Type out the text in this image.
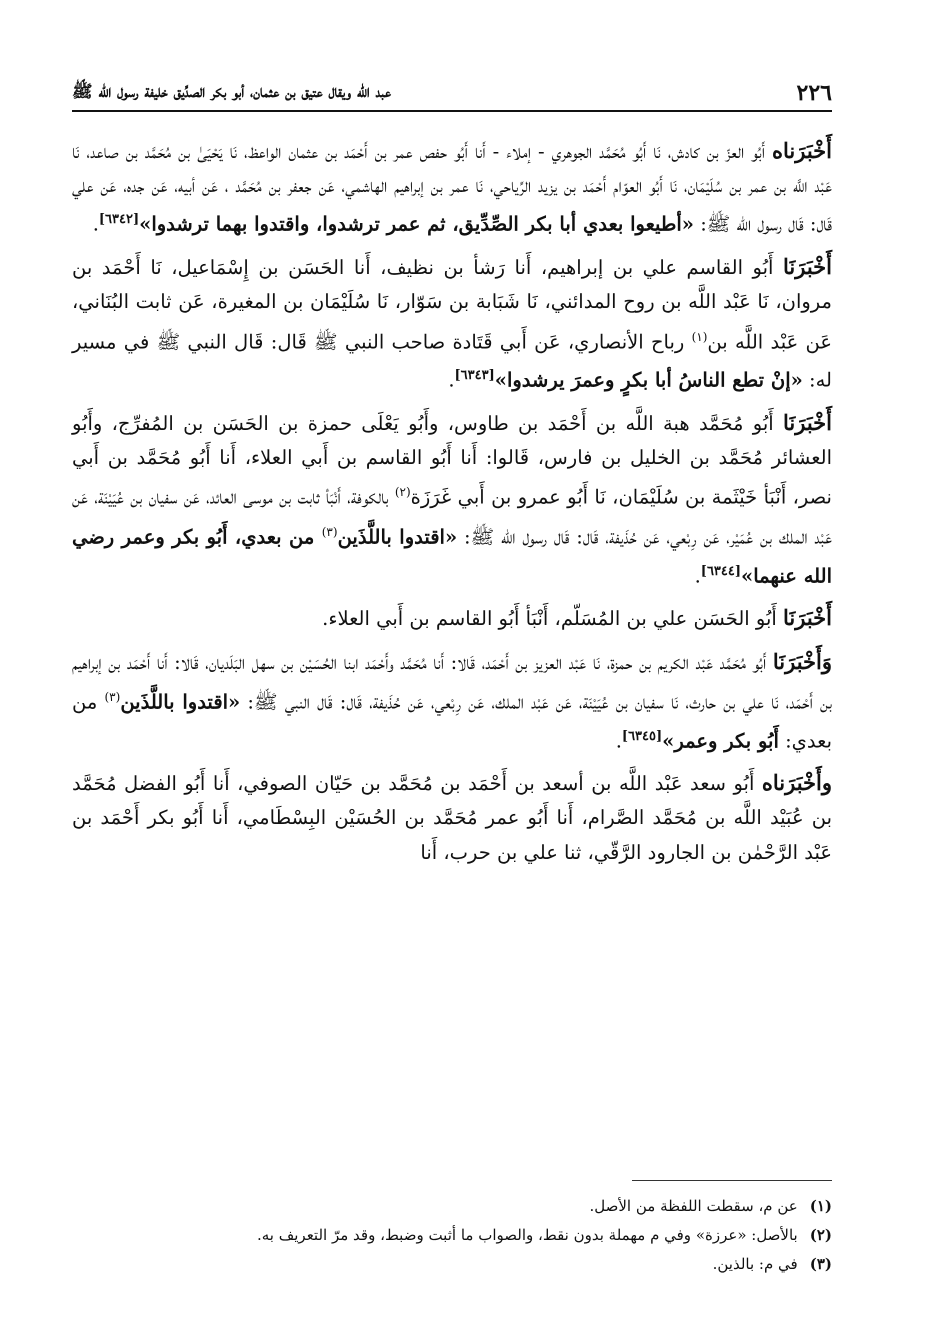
٢٢٦
عبد الله ويقال عتيق بن عثمان، أبو بكر الصدِّيق خليفة رسول الله ﷺ

أَخْبَرَناه أَبُو العزّ بن كادش، نَا أَبُو مُحَمَّد الجوهري - إملاء - أَنا أَبُو حفص عمر بن أَحْمَد بن عثمان الواعظ، نَا يَحْيَىٰ بن مُحَمَّد بن صاعد، نَا عَبْد اللَّه بن عمر بن سُلَيْمَان، نَا أَبُو العوّام أَحْمَد بن يزيد الرِّياحي، نَا عمر بن إبراهيم الهاشمي، عَن جعفر بن مُحَمَّد ، عَن أبيه، عَن جده، عَن علي قَال: قَال رسول الله ﷺ: «أطيعوا بعدي أبا بكر الصِّدِّيق، ثم عمر ترشدوا، واقتدوا بهما ترشدوا»[٦٣٤٢].

أَخْبَرَنَا أَبُو القاسم علي بن إبراهيم، أَنا رَشأ بن نظيف، أَنا الحَسَن بن إِسْمَاعيل، نَا أَحْمَد بن مروان، نَا عَبْد اللَّه بن روح المدائني، نَا شَبَابة بن سَوّار، نَا سُلَيْمَان بن المغيرة، عَن ثابت البُنَاني، عَن عَبْد اللَّه بن$^{(١)}$ رباح الأنصاري، عَن أَبي قَتَادة صاحب النبي ﷺ قَال: قَال النبي ﷺ في مسير له: «إنْ تطع الناسُ أبا بكرٍ وعمرَ يرشدوا»[٦٣٤٣].

أَخْبَرَنَا أَبُو مُحَمَّد هبة اللَّه بن أَحْمَد بن طاوس، وأَبُو يَعْلَى حمزة بن الحَسَن بن المُفرِّج، وأَبُو العشائر مُحَمَّد بن الخليل بن فارس، قَالوا: أَنا أَبُو القاسم بن أَبي العلاء، أَنا أَبُو مُحَمَّد بن أَبي نصر، أَنْبَأ خَيْثَمة بن سُلَيْمَان، نَا أَبُو عمرو بن أَبي غَرَزَة$^{(٢)}$ بالكوفة، أَنْبَأ ثابت بن موسى العائد، عَن سفيان بن عُيَيْنَة، عَن عَبْد الملك بن عُمَيْر، عَن رِبْعي، عَن حُذَيفة، قَال: قَال رسول الله ﷺ: «اقتدوا باللَّذَين$^{(٣)}$ من بعدي، أَبُو بكر وعمر رضي الله عنهما»[٦٣٤٤].

أَخْبَرَنَا أَبُو الحَسَن علي بن المُسَلّم، أَنْبَأ أَبُو القاسم بن أَبي العلاء.

وَأَخْبَرَنَا أَبُو مُحَمَّد عَبْد الكريم بن حمزة، نَا عَبْد العزيز بن أَحْمَد، قَالا: أَنا مُحَمَّد وأَحْمَد ابنا الحُسَيْن بن سهل البَلَديان، قَالا: أَنا أَحْمَد بن إبراهيم بن أَحْمَد، نَا علي بن حارث، نَا سفيان بن عُيَيْنَة، عَن عَبْد الملك، عَن رِبْعي، عَن حُذَيفة، قَال: قَال النبي ﷺ: «اقتدوا باللَّذَين$^{(٣)}$ من بعدي: أَبُو بكر وعمر»[٦٣٤٥].

وأَخْبَرَناه أَبُو سعد عَبْد اللَّه بن أسعد بن أَحْمَد بن مُحَمَّد بن حَيّان الصوفي، أَنا أَبُو الفضل مُحَمَّد بن عُبَيْد اللَّه بن مُحَمَّد الصَّرام، أَنا أَبُو عمر مُحَمَّد بن الحُسَيْن البِسْطَامي، أَنا أَبُو بكر أَحْمَد بن عَبْد الرَّحْمٰن بن الجارود الرَّقّي، ثنا علي بن حرب، أَنا

(١)عن م، سقطت اللفظة من الأصل.
(٢)بالأصل: «عرزة» وفي م مهملة بدون نقط، والصواب ما أثبت وضبط، وقد مرّ التعريف به.
(٣)في م: بالذين.
